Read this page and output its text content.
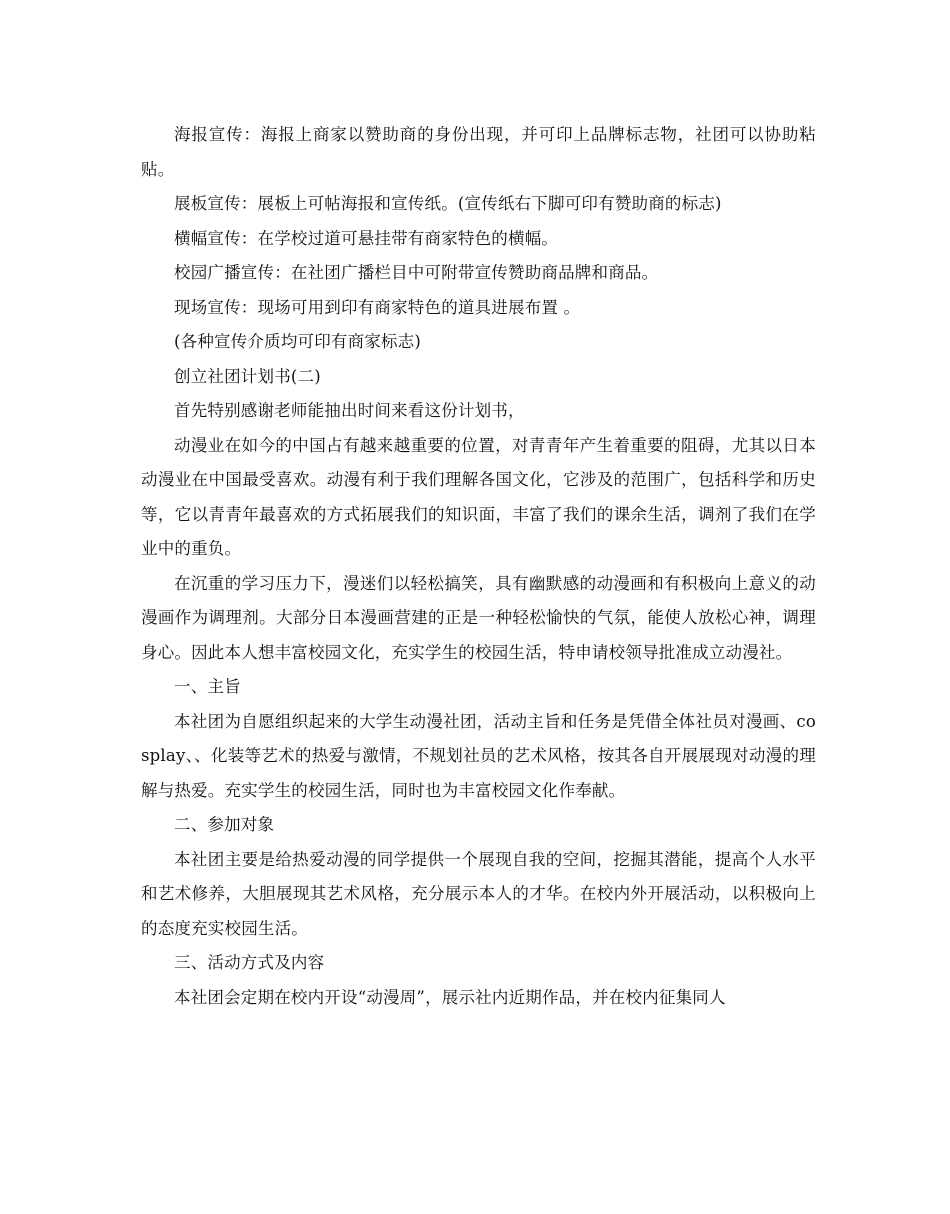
海报宣传：海报上商家以赞助商的身份出现，并可印上品牌标志物，社团可以协助粘贴。

展板宣传：展板上可帖海报和宣传纸。(宣传纸右下脚可印有赞助商的标志)

横幅宣传：在学校过道可悬挂带有商家特色的横幅。

校园广播宣传：在社团广播栏目中可附带宣传赞助商品牌和商品。

现场宣传：现场可用到印有商家特色的道具进展布置 。

(各种宣传介质均可印有商家标志)

创立社团计划书(二)

首先特别感谢老师能抽出时间来看这份计划书，

动漫业在如今的中国占有越来越重要的位置，对青青年产生着重要的阻碍，尤其以日本动漫业在中国最受喜欢。动漫有利于我们理解各国文化，它涉及的范围广，包括科学和历史等，它以青青年最喜欢的方式拓展我们的知识面，丰富了我们的课余生活，调剂了我们在学业中的重负。

在沉重的学习压力下，漫迷们以轻松搞笑，具有幽默感的动漫画和有积极向上意义的动漫画作为调理剂。大部分日本漫画营建的正是一种轻松愉快的气氛，能使人放松心神，调理身心。因此本人想丰富校园文化，充实学生的校园生活，特申请校领导批准成立动漫社。

一、主旨

本社团为自愿组织起来的大学生动漫社团，活动主旨和任务是凭借全体社员对漫画、cosplay、、化装等艺术的热爱与激情，不规划社员的艺术风格，按其各自开展展现对动漫的理解与热爱。充实学生的校园生活，同时也为丰富校园文化作奉献。

二、参加对象

本社团主要是给热爱动漫的同学提供一个展现自我的空间，挖掘其潜能，提高个人水平和艺术修养，大胆展现其艺术风格，充分展示本人的才华。在校内外开展活动，以积极向上的态度充实校园生活。

三、活动方式及内容

本社团会定期在校内开设“动漫周”，展示社内近期作品，并在校内征集同人
